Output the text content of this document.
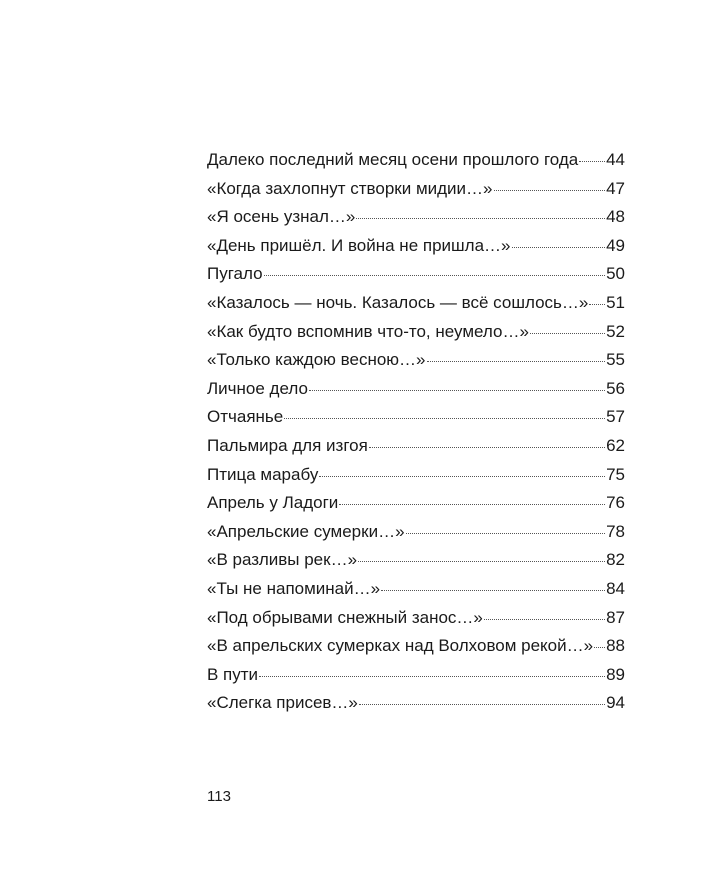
Далеко последний месяц осени прошлого года 44
«Когда захлопнут створки мидии…»	47
«Я осень узнал…»	48
«День пришёл. И война не пришла…»	49
Пугало	50
«Казалось — ночь. Казалось — всё сошлось…» 51
«Как будто вспомнив что-то, неумело…»	52
«Только каждою весною…»	55
Личное дело	56
Отчаянье	57
Пальмира для изгоя	62
Птица марабу	75
Апрель у Ладоги	76
«Апрельские сумерки…»	78
«В разливы рек…»	82
«Ты не напоминай…»	84
«Под обрывами снежный занос…»	87
«В апрельских сумерках над Волховом рекой…» 88
В пути	89
«Слегка присев…»	94
113
